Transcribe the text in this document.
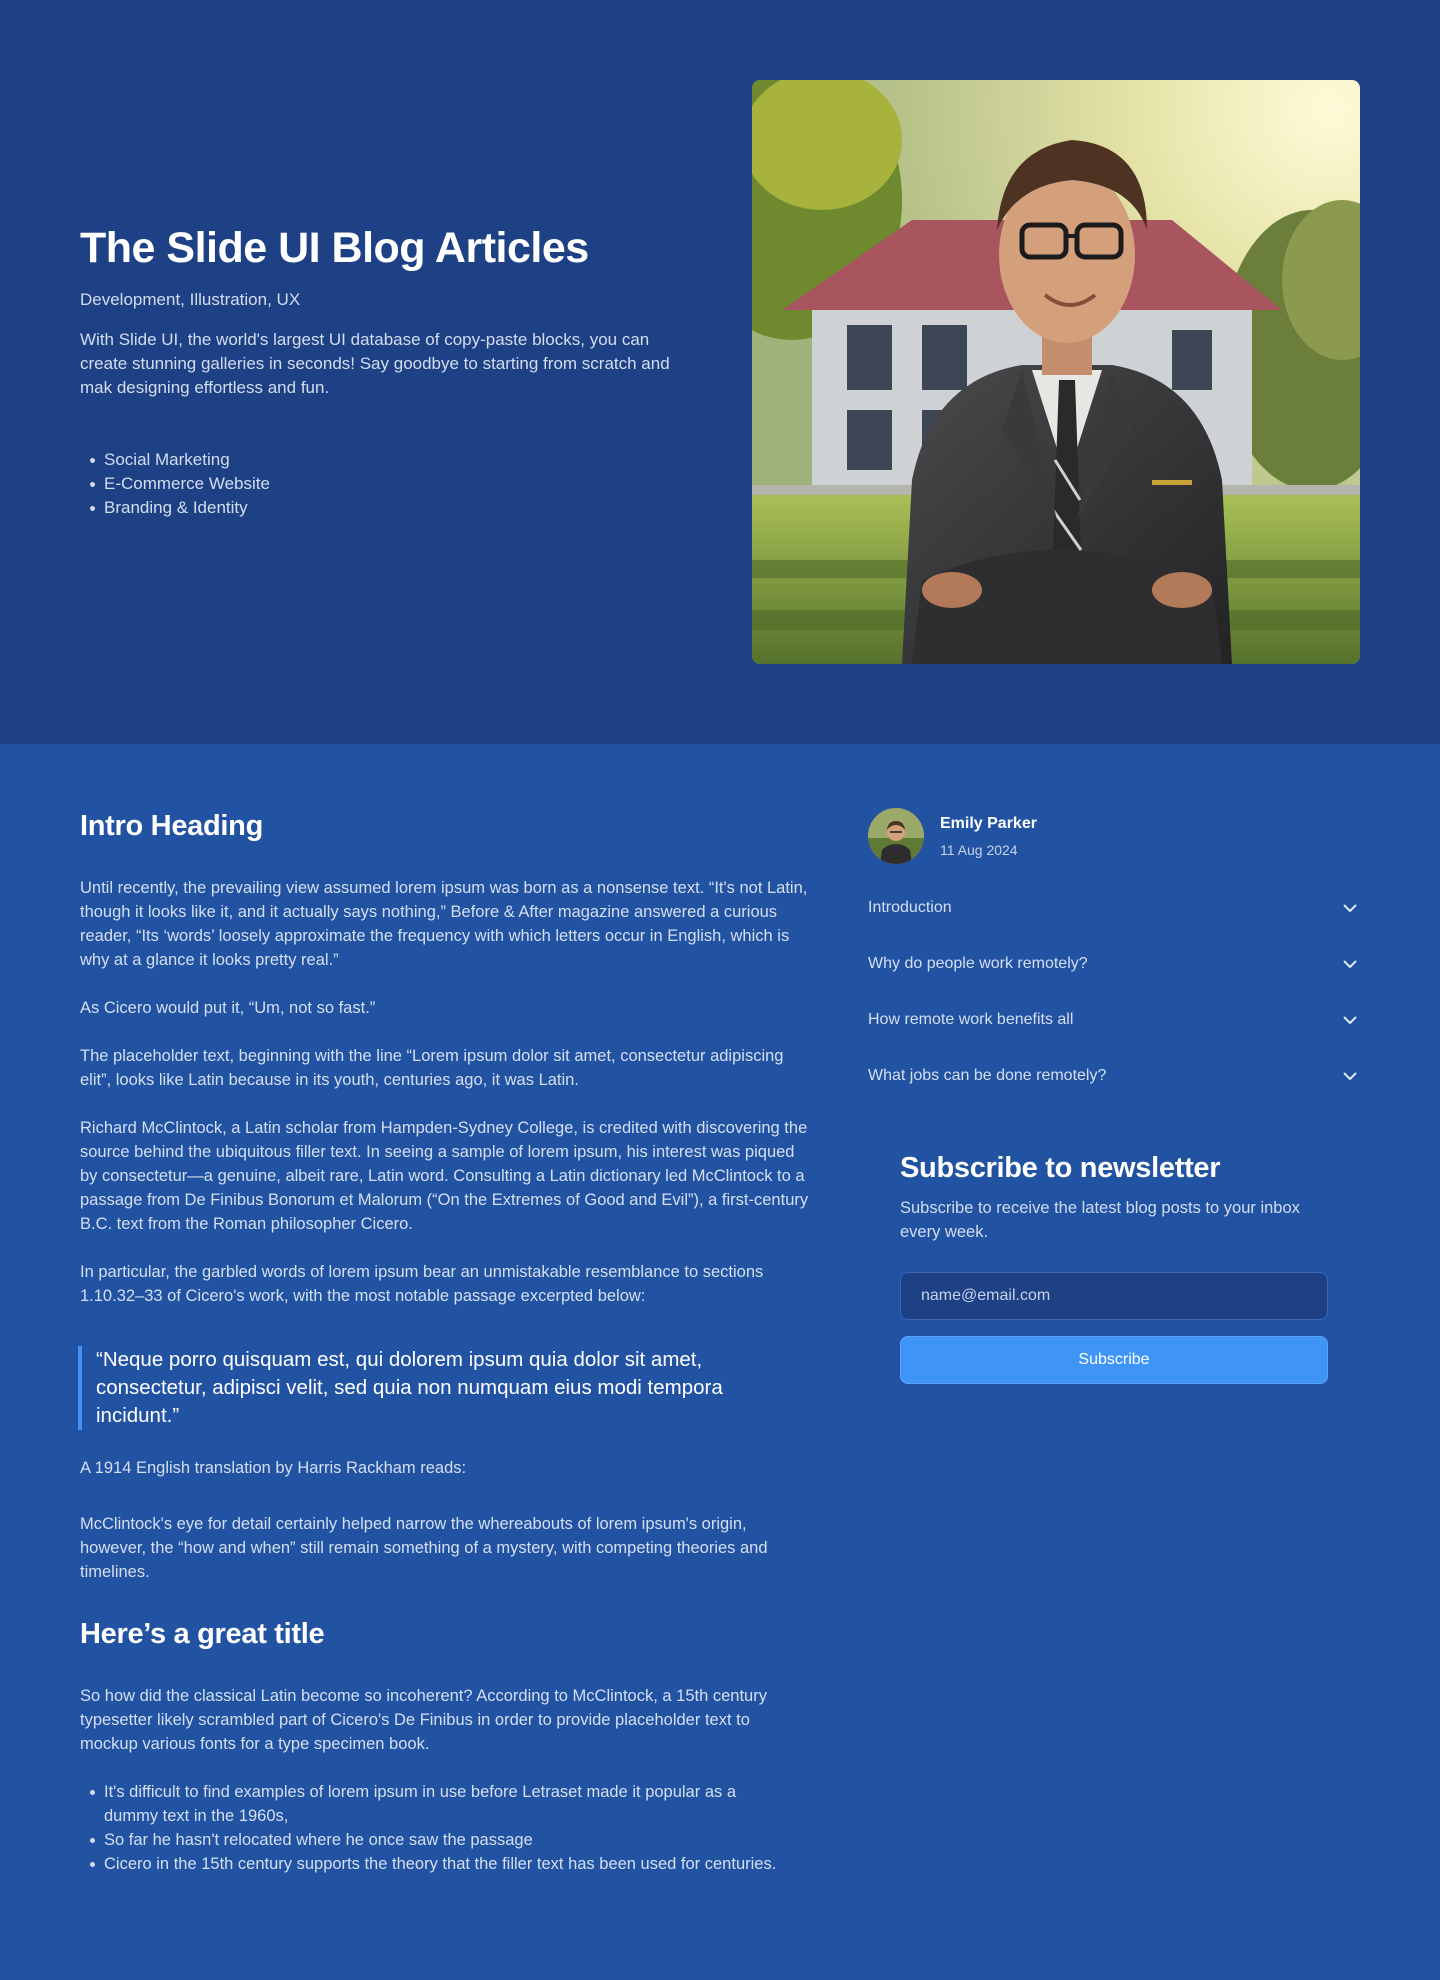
The Slide UI Blog Articles

Development, Illustration, UX

With Slide UI, the world's largest UI database of copy-paste blocks, you can create stunning galleries in seconds! Say goodbye to starting from scratch and mak designing effortless and fun.

Social Marketing
E-Commerce Website
Branding & Identity
Intro Heading

Until recently, the prevailing view assumed lorem ipsum was born as a nonsense text. “It's not Latin, though it looks like it, and it actually says nothing,” Before & After magazine answered a curious reader, “Its ‘words’ loosely approximate the frequency with which letters occur in English, which is why at a glance it looks pretty real.”

As Cicero would put it, “Um, not so fast.”

The placeholder text, beginning with the line “Lorem ipsum dolor sit amet, consectetur adipiscing elit”, looks like Latin because in its youth, centuries ago, it was Latin.

Richard McClintock, a Latin scholar from Hampden-Sydney College, is credited with discovering the source behind the ubiquitous filler text. In seeing a sample of lorem ipsum, his interest was piqued by consectetur—a genuine, albeit rare, Latin word. Consulting a Latin dictionary led McClintock to a passage from De Finibus Bonorum et Malorum (“On the Extremes of Good and Evil”), a first-century B.C. text from the Roman philosopher Cicero.

In particular, the garbled words of lorem ipsum bear an unmistakable resemblance to sections 1.10.32–33 of Cicero's work, with the most notable passage excerpted below:

“Neque porro quisquam est, qui dolorem ipsum quia dolor sit amet, consectetur, adipisci velit, sed quia non numquam eius modi tempora incidunt.”

A 1914 English translation by Harris Rackham reads:

McClintock's eye for detail certainly helped narrow the whereabouts of lorem ipsum's origin, however, the “how and when” still remain something of a mystery, with competing theories and timelines.

Here’s a great title

So how did the classical Latin become so incoherent? According to McClintock, a 15th century typesetter likely scrambled part of Cicero's De Finibus in order to provide placeholder text to mockup various fonts for a type specimen book.

It's difficult to find examples of lorem ipsum in use before Letraset made it popular as a dummy text in the 1960s,
So far he hasn't relocated where he once saw the passage
Cicero in the 15th century supports the theory that the filler text has been used for centuries.
Emily Parker
11 Aug 2024
Introduction
Why do people work remotely?
How remote work benefits all
What jobs can be done remotely?
Subscribe to newsletter

Subscribe to receive the latest blog posts to your inbox every week.

name@email.com
Subscribe
